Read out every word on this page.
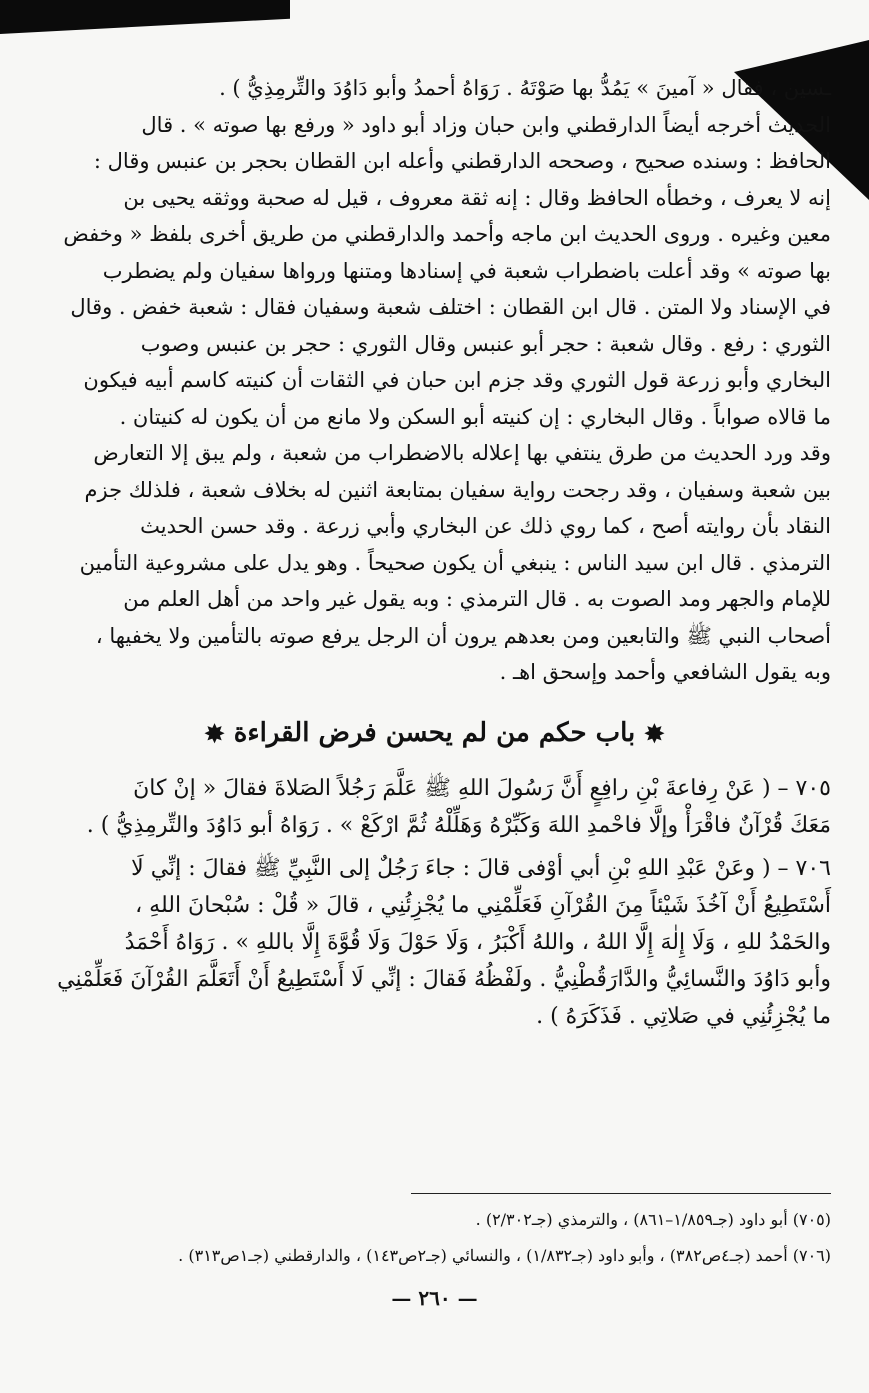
ـسين ، فقال « آمينَ » يَمُدُّ بها صَوْتَهُ . رَوَاهُ أحمدُ وأبو دَاوُدَ والتِّرمِذِيُّ ) .

الحديث أخرجه أيضاً الدارقطني وابن حبان وزاد أبو داود « ورفع بها صوته » . قال

الحافظ : وسنده صحيح ، وصححه الدارقطني وأعله ابن القطان بحجر بن عنبس وقال :

إنه لا يعرف ، وخطأه الحافظ وقال : إنه ثقة معروف ، قيل له صحبة ووثقه يحيى بن

معين وغيره . وروى الحديث ابن ماجه وأحمد والدارقطني من طريق أخرى بلفظ « وخفض

بها صوته » وقد أعلت باضطراب شعبة في إسنادها ومتنها ورواها سفيان ولم يضطرب

في الإسناد ولا المتن . قال ابن القطان : اختلف شعبة وسفيان فقال : شعبة خفض . وقال

الثوري : رفع . وقال شعبة : حجر أبو عنبس وقال الثوري : حجر بن عنبس وصوب

البخاري وأبو زرعة قول الثوري وقد جزم ابن حبان في الثقات أن كنيته كاسم أبيه فيكون

ما قالاه صواباً . وقال البخاري : إن كنيته أبو السكن ولا مانع من أن يكون له كنيتان .

وقد ورد الحديث من طرق ينتفي بها إعلاله بالاضطراب من شعبة ، ولم يبق إلا التعارض

بين شعبة وسفيان ، وقد رجحت رواية سفيان بمتابعة اثنين له بخلاف شعبة ، فلذلك جزم

النقاد بأن روايته أصح ، كما روي ذلك عن البخاري وأبي زرعة . وقد حسن الحديث

الترمذي . قال ابن سيد الناس : ينبغي أن يكون صحيحاً . وهو يدل على مشروعية التأمين

للإمام والجهر ومد الصوت به . قال الترمذي : وبه يقول غير واحد من أهل العلم من

أصحاب النبي ﷺ والتابعين ومن بعدهم يرون أن الرجل يرفع صوته بالتأمين ولا يخفيها ،

وبه يقول الشافعي وأحمد وإسحق اهـ .

✸ باب حكم من لم يحسن فرض القراءة ✸

٧٠٥ – ( عَنْ رِفاعةَ بْنِ رافِعٍ أَنَّ رَسُولَ اللهِ ﷺ عَلَّمَ رَجُلاً الصَلاةَ فقالَ « إنْ كانَ

مَعَكَ قُرْآنٌ فاقْرَأْ وإلَّا فاحْمدِ اللهَ وَكَبِّرْهُ وَهَلِّلْهُ ثُمَّ ارْكَعْ » . رَوَاهُ أبو دَاوُدَ والتِّرمِذِيُّ ) .

٧٠٦ – ( وعَنْ عَبْدِ اللهِ بْنِ أبي أوْفى قالَ : جاءَ رَجُلٌ إلى النَّبِيِّ ﷺ فقالَ : إنِّي لَا

أَسْتَطِيعُ أَنْ آخُذَ شَيْئاً مِنَ القُرْآنِ فَعَلِّمْنِي ما يُجْزِئُنِي ، قالَ « قُلْ : سُبْحانَ اللهِ ،

والحَمْدُ للهِ ، وَلَا إِلٰهَ إِلَّا اللهُ ، واللهُ أَكْبَرُ ، وَلَا حَوْلَ وَلَا قُوَّةَ إِلَّا باللهِ » . رَوَاهُ أَحْمَدُ

وأبو دَاوُدَ والنَّسائِيُّ والدَّارَقُطْنِيُّ . ولَفْظُهُ فَقالَ : إنِّي لَا أَسْتَطِيعُ أَنْ أَتَعَلَّمَ القُرْآنَ فَعَلِّمْنِي

ما يُجْزِئُنِي في صَلاتِي . فَذَكَرَهُ ) .

(٧٠٥) أبو داود (جـ١/٨٥٩–٨٦١) ، والترمذي (جـ٢/٣٠٢) .

(٧٠٦) أحمد (جـ٤ص٣٨٢) ، وأبو داود (جـ١/٨٣٢) ، والنسائي (جـ٢ص١٤٣) ، والدارقطني (جـ١ص٣١٣) .

— ٢٦٠ —
